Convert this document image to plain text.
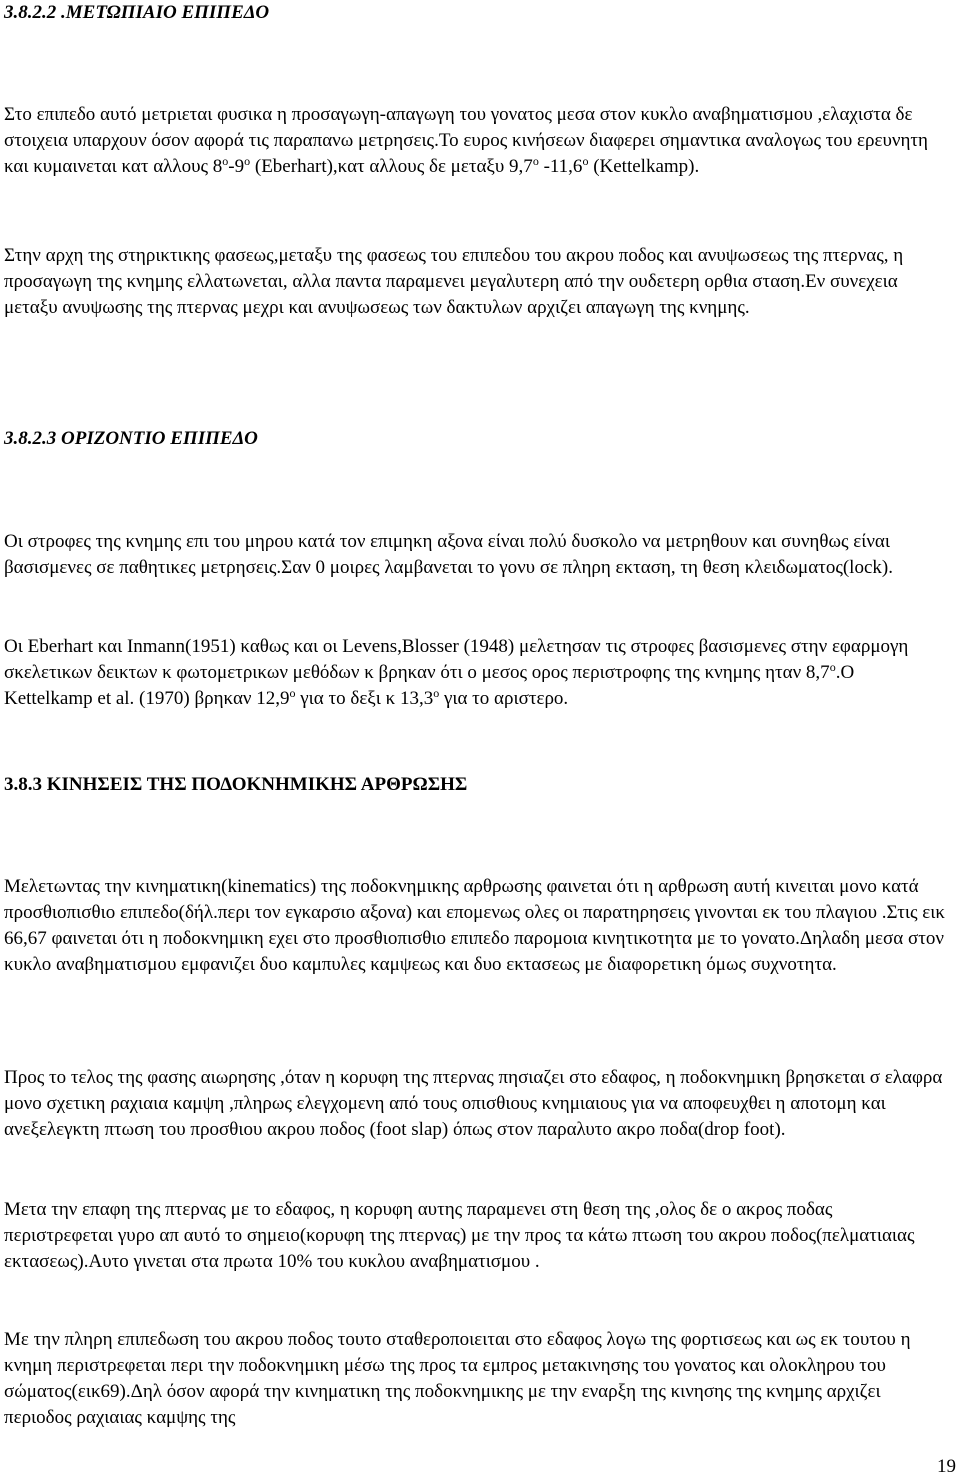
3.8.2.2 .ΜΕΤΩΠΙΑΙΟ ΕΠΙΠΕΔΟ

Στο επιπεδο αυτό μετριεται φυσικα η προσαγωγη-απαγωγη του γονατος μεσα στον κυκλο αναβηματισμου ,ελαχιστα δε στοιχεια υπαρχουν όσον αφορά τις παραπανω μετρησεις.Το ευρος κινήσεων διαφερει σημαντικα αναλογως του ερευνητη και κυμαινεται κατ αλλους $8^o-9^o$ (Eberhart),κατ αλλους δε μεταξυ $9,7^o$ $-11,6^o$ (Kettelkamp).

Στην αρχη της στηρικτικης φασεως,μεταξυ της φασεως του επιπεδου του ακρου ποδος και ανυψωσεως της πτερνας, η προσαγωγη της κνημης ελλατωνεται, αλλα παντα παραμενει μεγαλυτερη από την ουδετερη ορθια σταση.Εν συνεχεια μεταξυ ανυψωσης της πτερνας μεχρι και ανυψωσεως των δακτυλων αρχιζει απαγωγη της κνημης.

3.8.2.3 ΟΡΙΖΟΝΤΙΟ ΕΠΙΠΕΔΟ

Οι στροφες της κνημης επι του μηρου κατά τον επιμηκη αξονα είναι πολύ δυσκολο να μετρηθουν και συνηθως είναι βασισμενες σε παθητικες μετρησεις.Σαν 0 μοιρες λαμβανεται το γονυ σε πληρη εκταση, τη θεση κλειδωματος(lock).

Οι Eberhart και Inmann(1951) καθως και οι Levens,Blosser (1948) μελετησαν τις στροφες βασισμενες στην εφαρμογη σκελετικων δεικτων κ φωτομετρικων μεθόδων κ βρηκαν ότι ο μεσος ορος περιστροφης της κνημης ηταν $8,7^o.O$ Kettelkamp et al. (1970) βρηκαν $12,9^o$ για το δεξι κ $13,3^o$ για το αριστερο.

3.8.3 ΚΙΝΗΣΕΙΣ ΤΗΣ ΠΟΔΟΚΝΗΜΙΚΗΣ ΑΡΘΡΩΣΗΣ

Μελετωντας την κινηματικη(kinematics) της ποδοκνημικης αρθρωσης φαινεται ότι η αρθρωση αυτή κινειται μονο κατά προσθιοπισθιο επιπεδο(δήλ.περι τον εγκαρσιο αξονα) και επομενως ολες οι παρατηρησεις γινονται εκ του πλαγιου .Στις εικ 66,67 φαινεται ότι η ποδοκνημικη εχει στο προσθιοπισθιο επιπεδο παρομοια κινητικοτητα με το γονατο.Δηλαδη μεσα στον κυκλο αναβηματισμου εμφανιζει δυο καμπυλες καμψεως και δυο εκτασεως με διαφορετικη όμως συχνοτητα.

Προς το τελος της φασης αιωρησης ,όταν η κορυφη της πτερνας πησιαζει στο εδαφος, η ποδοκνημικη βρησκεται σ ελαφρα μονο σχετικη ραχιαια καμψη ,πληρως ελεγχομενη από τους οπισθιους κνημιαιους για να αποφευχθει η αποτομη και ανεξελεγκτη πτωση του προσθιου ακρου ποδος (foot slap) όπως στον παραλυτο ακρο ποδα(drop foot).

Μετα την επαφη της πτερνας με το εδαφος, η κορυφη αυτης παραμενει στη θεση της ,ολος δε ο ακρος ποδας περιστρεφεται γυρο απ αυτό το σημειο(κορυφη της πτερνας) με την προς τα κάτω πτωση του ακρου ποδος(πελματιαιας εκτασεως).Αυτο γινεται στα πρωτα 10% του κυκλου αναβηματισμου .

Με την πληρη επιπεδωση του ακρου ποδος τουτο σταθεροποιειται στο εδαφος λογω της φορτισεως και ως εκ τουτου η κνημη περιστρεφεται περι την ποδοκνημικη μέσω της προς τα εμπρος μετακινησης του γονατος και ολοκληρου του σώματος(εικ69).Δηλ όσον αφορά την κινηματικη της ποδοκνημικης με την εναρξη της κινησης της κνημης αρχιζει περιοδος ραχιαιας καμψης της

19
